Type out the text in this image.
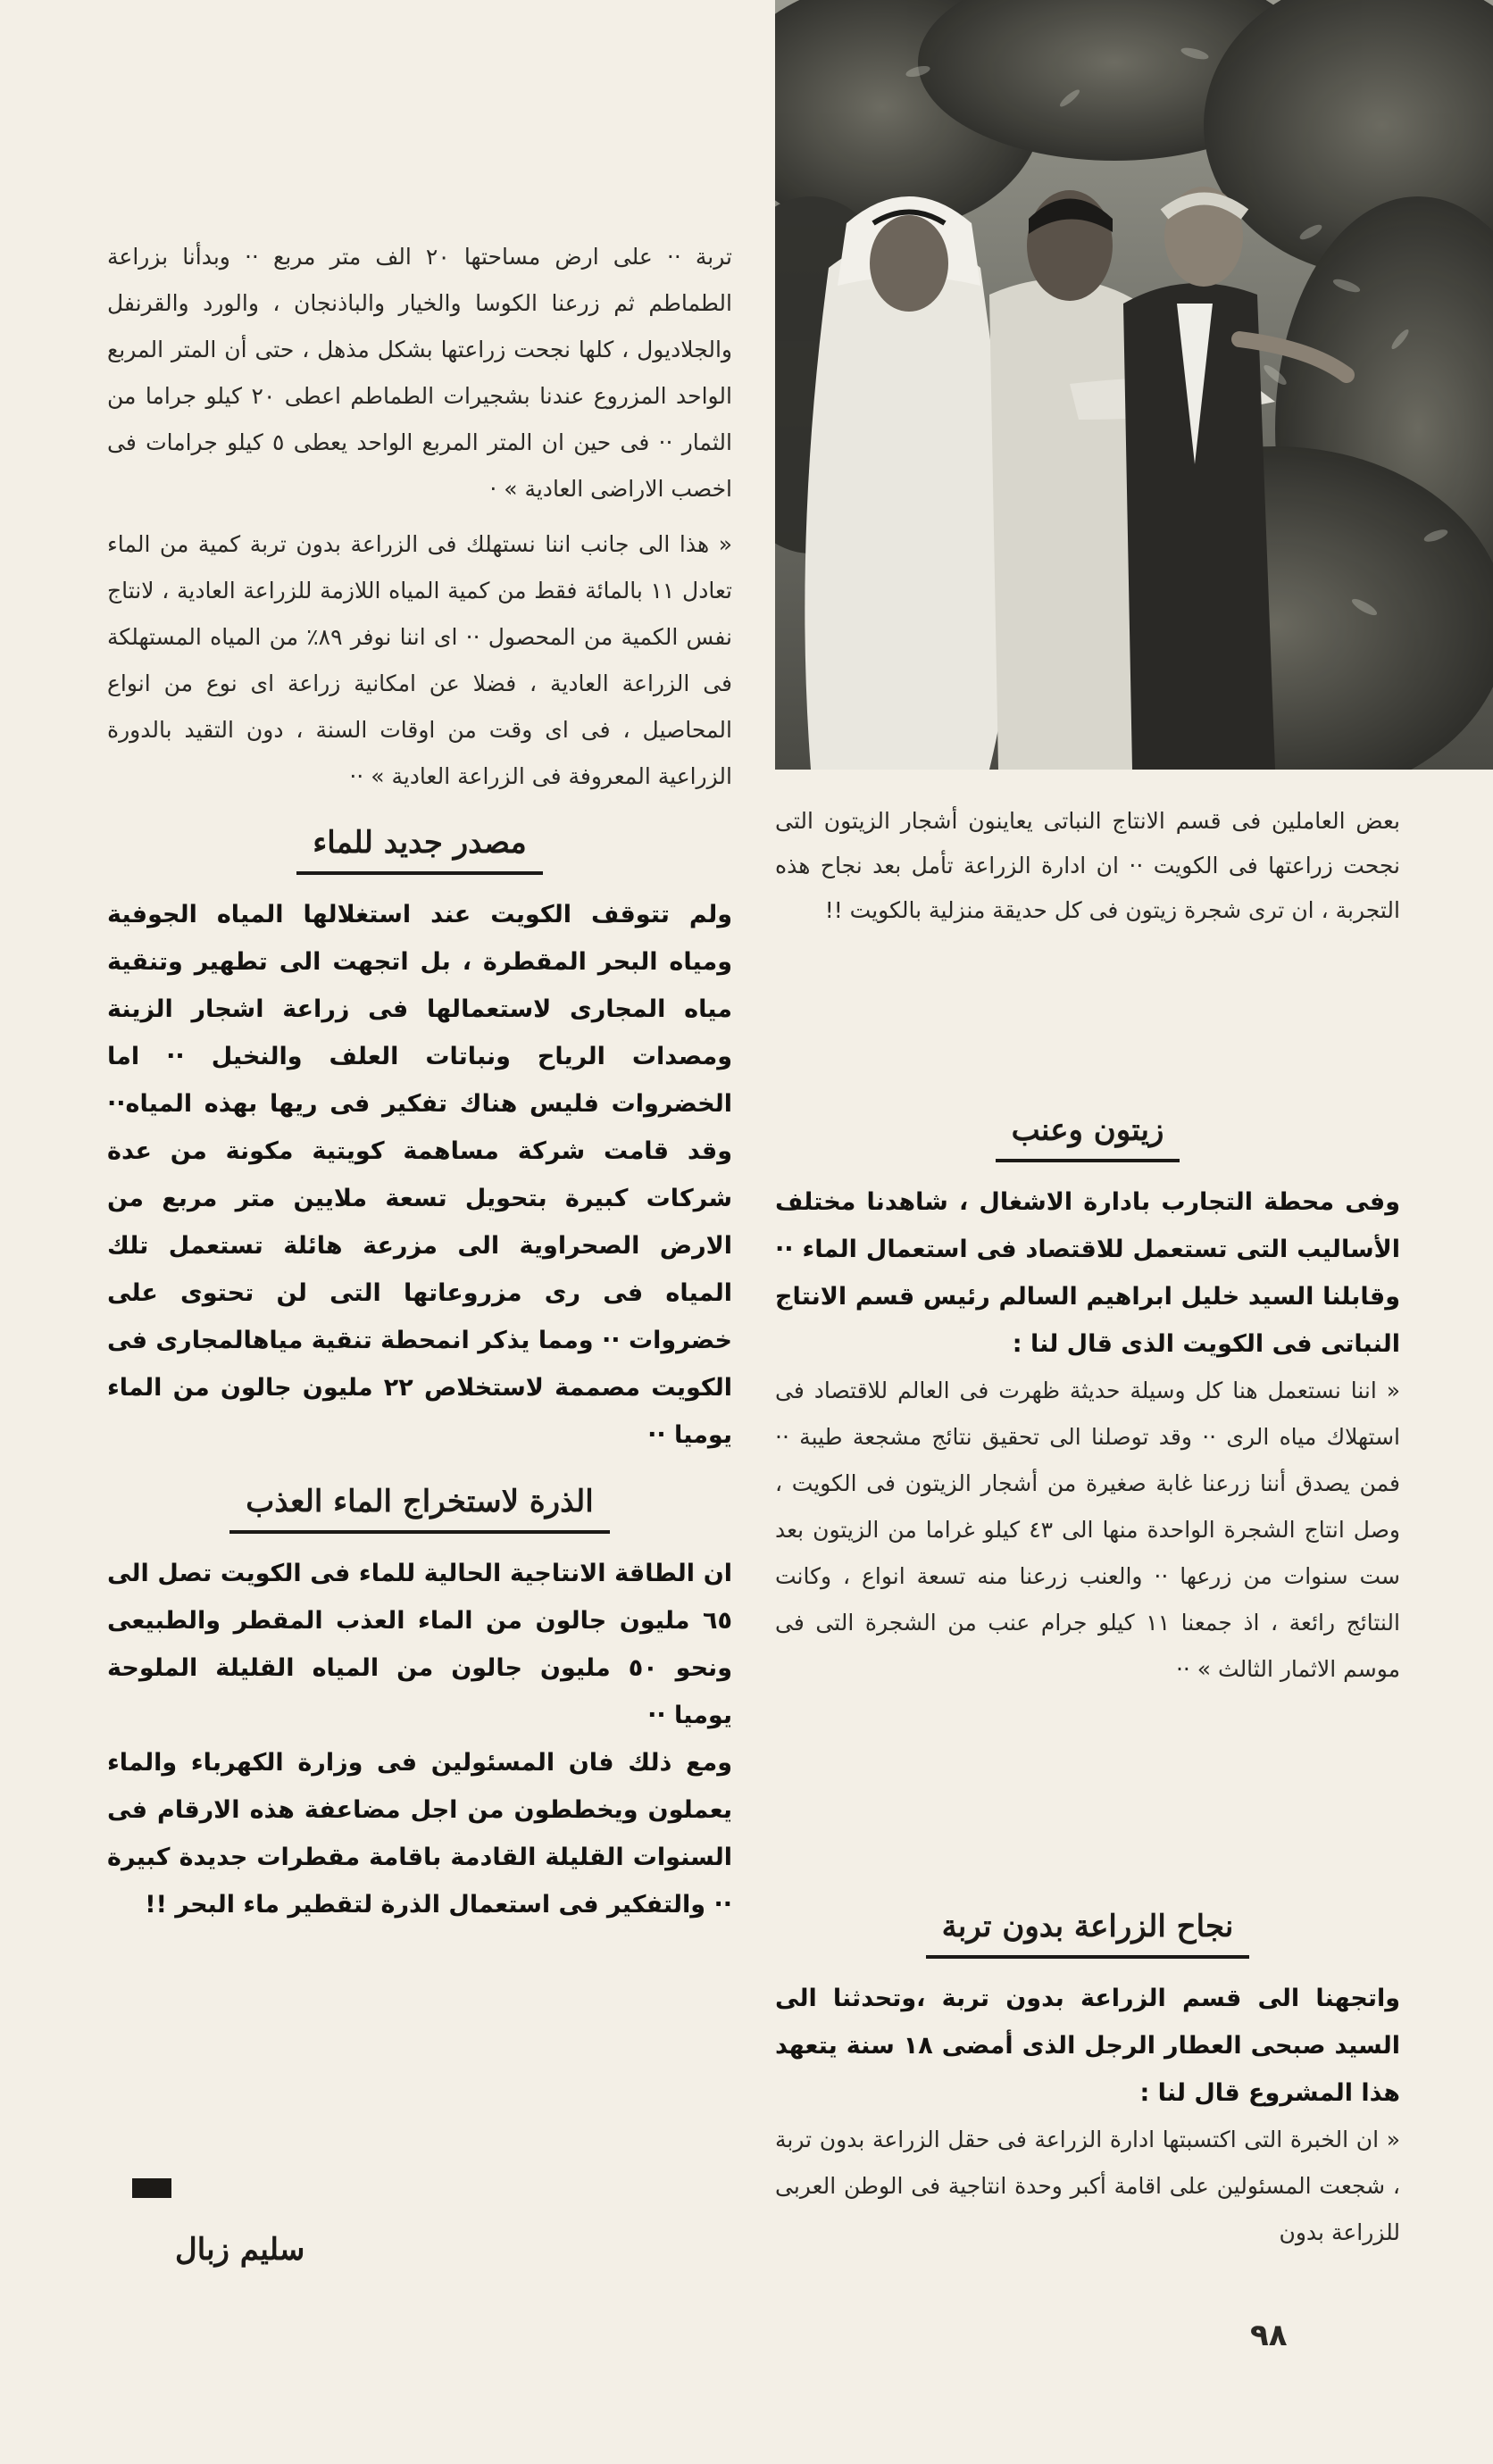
بعض العاملين فى قسم الانتاج النباتى يعاينون أشجار الزيتون التى نجحت زراعتها فى الكويت ·· ان ادارة الزراعة تأمل بعد نجاح هذه التجربة ، ان ترى شجرة زيتون فى كل حديقة منزلية بالكويت !!
زيتون وعنب

وفى محطة التجارب بادارة الاشغال ، شاهدنا مختلف الأساليب التى تستعمل للاقتصاد فى استعمال الماء ·· وقابلنا السيد خليل ابراهيم السالم رئيس قسم الانتاج النباتى فى الكويت الذى قال لنا :

« اننا نستعمل هنا كل وسيلة حديثة ظهرت فى العالم للاقتصاد فى استهلاك مياه الرى ·· وقد توصلنا الى تحقيق نتائج مشجعة طيبة ·· فمن يصدق أننا زرعنا غابة صغيرة من أشجار الزيتون فى الكويت ، وصل انتاج الشجرة الواحدة منها الى ٤٣ كيلو غراما من الزيتون بعد ست سنوات من زرعها ·· والعنب زرعنا منه تسعة انواع ، وكانت النتائج رائعة ، اذ جمعنا ١١ كيلو جرام عنب من الشجرة التى فى موسم الاثمار الثالث » ··

نجاح الزراعة بدون تربة

واتجهنا الى قسم الزراعة بدون تربة ،وتحدثنا الى السيد صبحى العطار الرجل الذى أمضى ١٨ سنة يتعهد هذا المشروع قال لنا :

« ان الخبرة التى اكتسبتها ادارة الزراعة فى حقل الزراعة بدون تربة ، شجعت المسئولين على اقامة أكبر وحدة انتاجية فى الوطن العربى للزراعة بدون

تربة ·· على ارض مساحتها ٢٠ الف متر مربع ·· وبدأنا بزراعة الطماطم ثم زرعنا الكوسا والخيار والباذنجان ، والورد والقرنفل والجلاديول ، كلها نجحت زراعتها بشكل مذهل ، حتى أن المتر المربع الواحد المزروع عندنا بشجيرات الطماطم اعطى ٢٠ كيلو جراما من الثمار ·· فى حين ان المتر المربع الواحد يعطى ٥ كيلو جرامات فى اخصب الاراضى العادية » ·

« هذا الى جانب اننا نستهلك فى الزراعة بدون تربة كمية من الماء تعادل ١١ بالمائة فقط من كمية المياه اللازمة للزراعة العادية ، لانتاج نفس الكمية من المحصول ·· اى اننا نوفر ٨٩٪ من المياه المستهلكة فى الزراعة العادية ، فضلا عن امكانية زراعة اى نوع من انواع المحاصيل ، فى اى وقت من اوقات السنة ، دون التقيد بالدورة الزراعية المعروفة فى الزراعة العادية » ··

مصدر جديد للماء

ولم تتوقف الكويت عند استغلالها المياه الجوفية ومياه البحر المقطرة ، بل اتجهت الى تطهير وتنقية مياه المجارى لاستعمالها فى زراعة اشجار الزينة ومصدات الرياح ونباتات العلف والنخيل ·· اما الخضروات فليس هناك تفكير فى ريها بهذه المياه·· وقد قامت شركة مساهمة كويتية مكونة من عدة شركات كبيرة بتحويل تسعة ملايين متر مربع من الارض الصحراوية الى مزرعة هائلة تستعمل تلك المياه فى رى مزروعاتها التى لن تحتوى على خضروات ·· ومما يذكر انمحطة تنقية مياهالمجارى فى الكويت مصممة لاستخلاص ٢٢ مليون جالون من الماء يوميا ··

الذرة لاستخراج الماء العذب

ان الطاقة الانتاجية الحالية للماء فى الكويت تصل الى ٦٥ مليون جالون من الماء العذب المقطر والطبيعى ونحو ٥٠ مليون جالون من المياه القليلة الملوحة يوميا ··

ومع ذلك فان المسئولين فى وزارة الكهرباء والماء يعملون ويخططون من اجل مضاعفة هذه الارقام فى السنوات القليلة القادمة باقامة مقطرات جديدة كبيرة ·· والتفكير فى استعمال الذرة لتقطير ماء البحر !!

سليم زبال
٩٨
